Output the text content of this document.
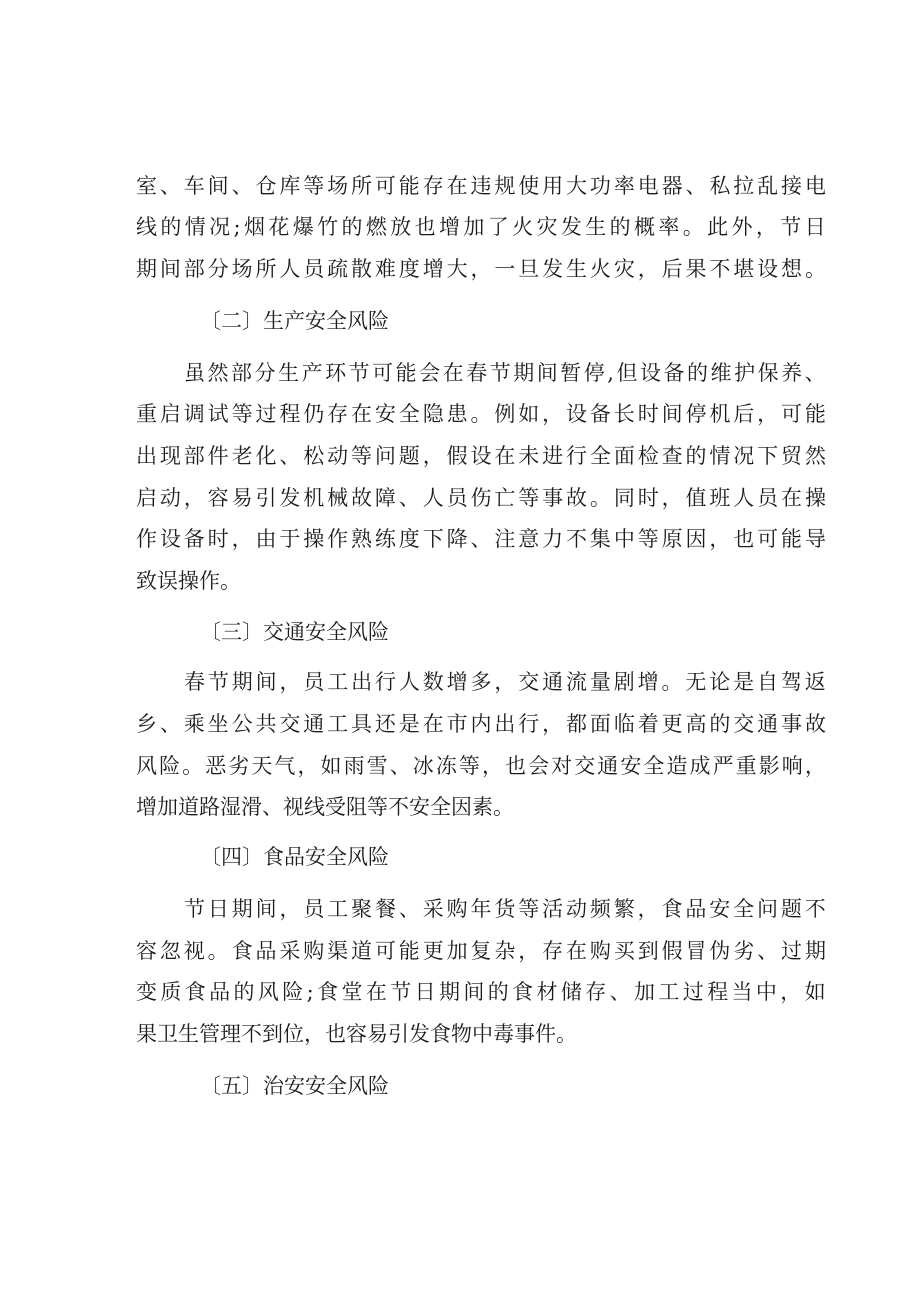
室 、 车 间 、 仓 库 等 场 所 可 能 存 在 违 规 使 用 大 功 率 电 器 、 私 拉 乱 接 电
线 的 情 况 ; 烟 花 爆 竹 的 燃 放 也 增 加 了 火 灾 发 生 的 概 率 。 此 外 ， 节 日
期 间 部 分 场 所 人 员 疏 散 难 度 增 大 ， 一 旦 发 生 火 灾 ， 后 果 不 堪 设 想 。
〔二〕生产安全风险
虽 然 部 分 生 产 环 节 可 能 会 在 春 节 期 间 暂 停 , 但 设 备 的 维 护 保 养 、
重 启 调 试 等 过 程 仍 存 在 安 全 隐 患 。 例 如 ， 设 备 长 时 间 停 机 后 ， 可 能
出 现 部 件 老 化 、 松 动 等 问 题 ， 假 设 在 未 进 行 全 面 检 查 的 情 况 下 贸 然
启 动 ， 容 易 引 发 机 械 故 障 、 人 员 伤 亡 等 事 故 。 同 时 ， 值 班 人 员 在 操
作 设 备 时 ， 由 于 操 作 熟 练 度 下 降 、 注 意 力 不 集 中 等 原 因 ， 也 可 能 导
致误操作。
〔三〕交通安全风险
春 节 期 间 ， 员 工 出 行 人 数 增 多 ， 交 通 流 量 剧 增 。 无 论 是 自 驾 返
乡 、 乘 坐 公 共 交 通 工 具 还 是 在 市 内 出 行 ， 都 面 临 着 更 高 的 交 通 事 故
风 险 。 恶 劣 天 气 ， 如 雨 雪 、 冰 冻 等 ， 也 会 对 交 通 安 全 造 成 严 重 影 响 ，
增加道路湿滑、视线受阻等不安全因素。
〔四〕食品安全风险
节 日 期 间 ， 员 工 聚 餐 、 采 购 年 货 等 活 动 频 繁 ， 食 品 安 全 问 题 不
容 忽 视 。 食 品 采 购 渠 道 可 能 更 加 复 杂 ， 存 在 购 买 到 假 冒 伪 劣 、 过 期
变 质 食 品 的 风 险 ; 食 堂 在 节 日 期 间 的 食 材 储 存 、 加 工 过 程 当 中 ， 如
果卫生管理不到位，也容易引发食物中毒事件。
〔五〕治安安全风险
